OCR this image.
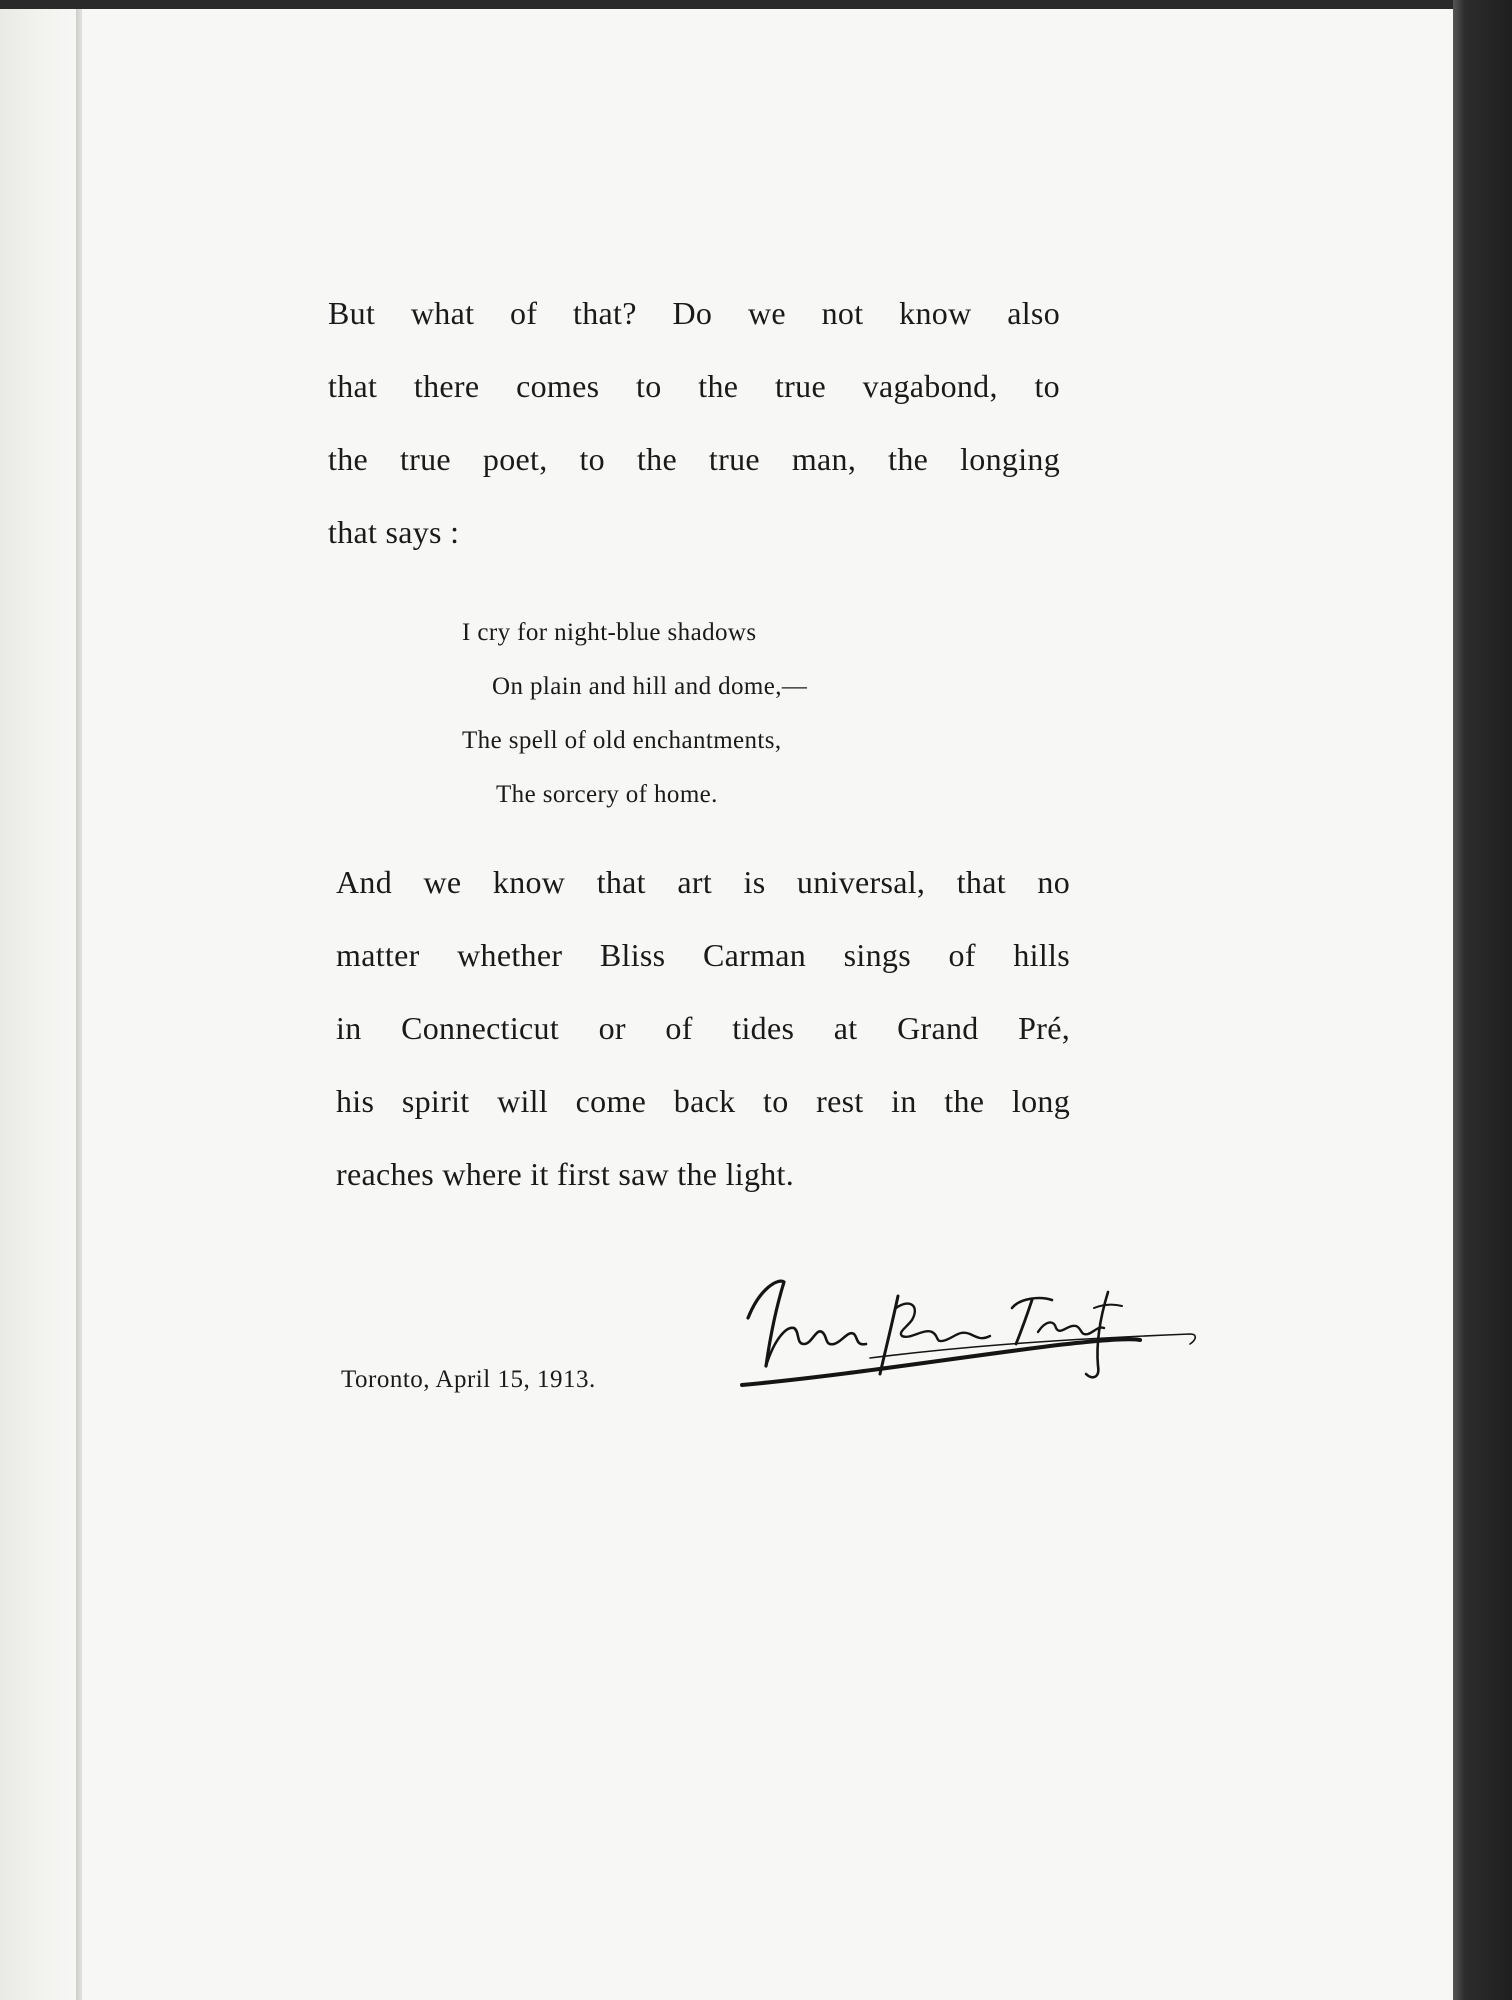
But what of that? Do we not know also
that there comes to the true vagabond, to
the true poet, to the true man, the longing
that says :

I cry for night-blue shadows
On plain and hill and dome,—
The spell of old enchantments,
The sorcery of home.

And we know that art is universal, that no
matter whether Bliss Carman sings of hills
in Connecticut or of tides at Grand Pré,
his spirit will come back to rest in the long
reaches where it first saw the light.

Toronto, April 15, 1913.
